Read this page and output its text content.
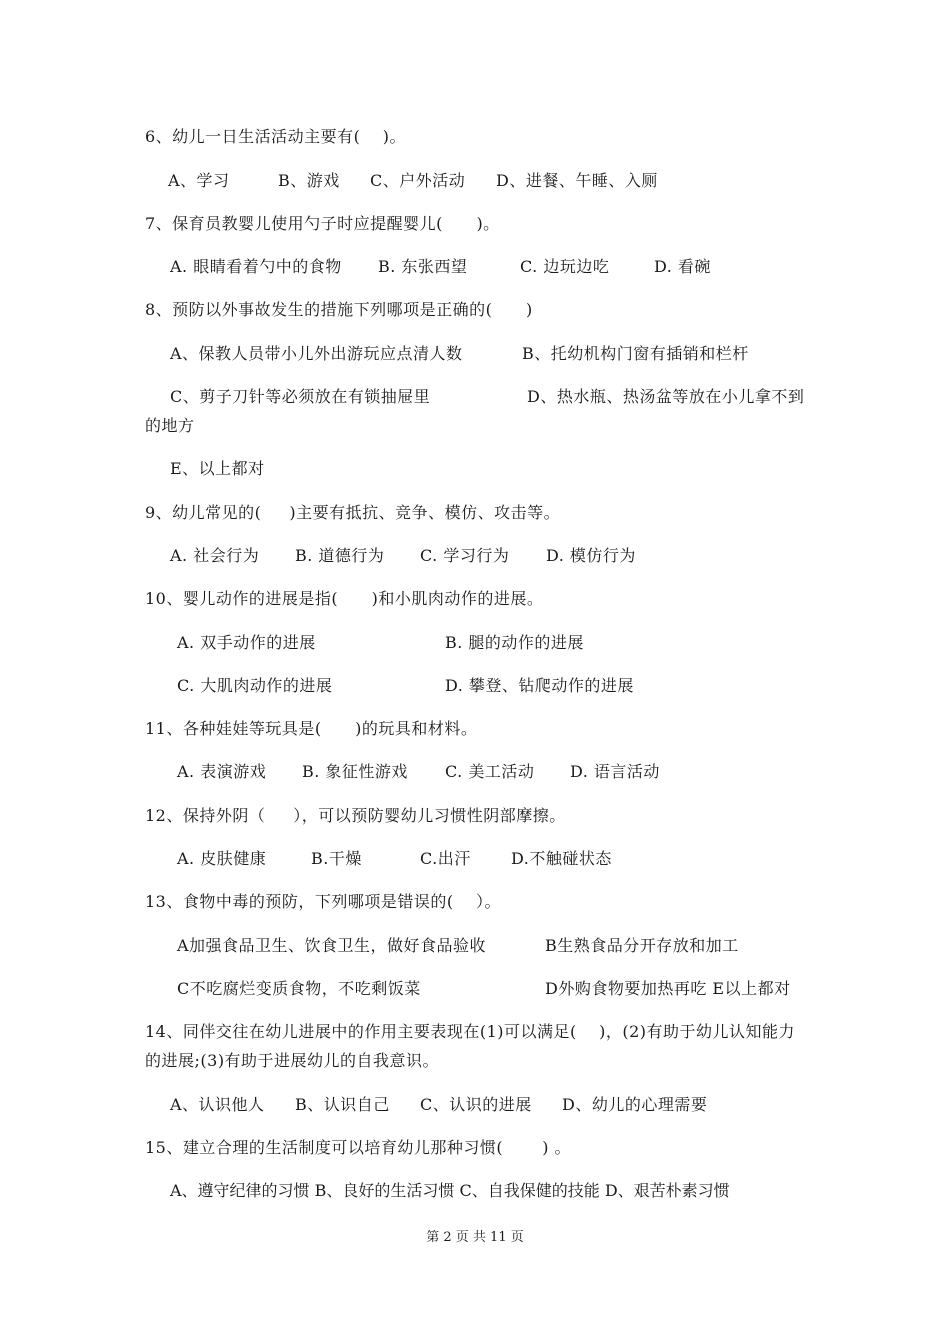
6、幼儿一日生活活动主要有(    )。
A、学习	B、游戏 C、户外活动 D、进餐、午睡、入厕
7、保育员教婴儿使用勺子时应提醒婴儿(      )。
A. 眼睛看着勺中的食物 B. 东张西望	C. 边玩边吃	D. 看碗
8、预防以外事故发生的措施下列哪项是正确的(      )
A、保教人员带小儿外出游玩应点清人数	B、托幼机构门窗有插销和栏杆
C、剪子刀针等必须放在有锁抽屉里	D、热水瓶、热汤盆等放在小儿拿不到
的地方
E、以上都对
9、幼儿常见的(     )主要有抵抗、竞争、模仿、攻击等。
A. 社会行为 B. 道德行为 C. 学习行为 D. 模仿行为
10、婴儿动作的进展是指(      )和小肌肉动作的进展。
A. 双手动作的进展	B. 腿的动作的进展
C. 大肌肉动作的进展	D. 攀登、钻爬动作的进展
11、各种娃娃等玩具是(      )的玩具和材料。
A. 表演游戏 B. 象征性游戏 C. 美工活动 D. 语言活动
12、保持外阴（     ），可以预防婴幼儿习惯性阴部摩擦。
A. 皮肤健康	B.干燥	C.出汗	D.不触碰状态
13、食物中毒的预防，下列哪项是错误的(    ）。
A加强食品卫生、饮食卫生，做好食品验收	B生熟食品分开存放和加工
C不吃腐烂变质食物，不吃剩饭菜	D外购食物要加热再吃 E以上都对
14、同伴交往在幼儿进展中的作用主要表现在(1)可以满足(    )，(2)有助于幼儿认知能力
的进展;(3)有助于进展幼儿的自我意识。
A、认识他人 B、认识自己 C、认识的进展 D、幼儿的心理需要
15、建立合理的生活制度可以培育幼儿那种习惯(       ) 。
A、遵守纪律的习惯 B、良好的生活习惯 C、自我保健的技能 D、艰苦朴素习惯
第 2 页 共 11 页
